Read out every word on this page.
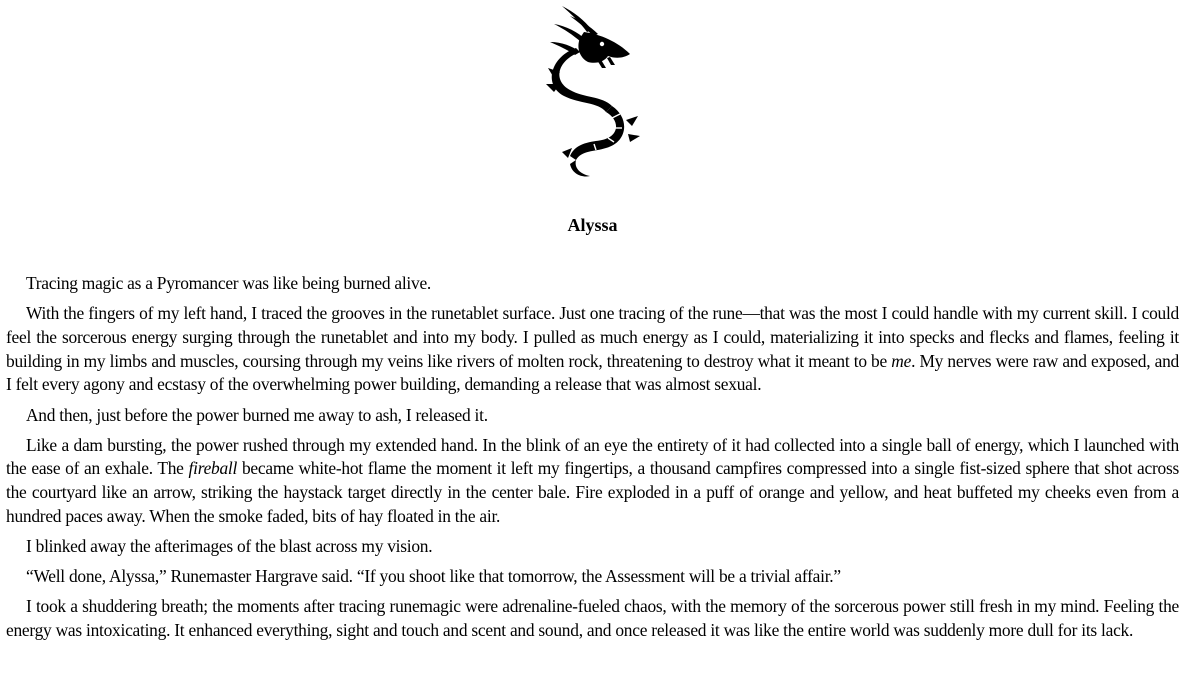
Alyssa

Tracing magic as a Pyromancer was like being burned alive.

With the fingers of my left hand, I traced the grooves in the runetablet surface. Just one tracing of the rune—that was the most I could handle with my current skill. I could feel the sorcerous energy surging through the runetablet and into my body. I pulled as much energy as I could, materializing it into specks and flecks and flames, feeling it building in my limbs and muscles, coursing through my veins like rivers of molten rock, threatening to destroy what it meant to be me. My nerves were raw and exposed, and I felt every agony and ecstasy of the overwhelming power building, demanding a release that was almost sexual.

And then, just before the power burned me away to ash, I released it.

Like a dam bursting, the power rushed through my extended hand. In the blink of an eye the entirety of it had collected into a single ball of energy, which I launched with the ease of an exhale. The fireball became white-hot flame the moment it left my fingertips, a thousand campfires compressed into a single fist-sized sphere that shot across the courtyard like an arrow, striking the haystack target directly in the center bale. Fire exploded in a puff of orange and yellow, and heat buffeted my cheeks even from a hundred paces away. When the smoke faded, bits of hay floated in the air.

I blinked away the afterimages of the blast across my vision.

“Well done, Alyssa,” Runemaster Hargrave said. “If you shoot like that tomorrow, the Assessment will be a trivial affair.”

I took a shuddering breath; the moments after tracing runemagic were adrenaline-fueled chaos, with the memory of the sorcerous power still fresh in my mind. Feeling the energy was intoxicating. It enhanced everything, sight and touch and scent and sound, and once released it was like the entire world was suddenly more dull for its lack.
